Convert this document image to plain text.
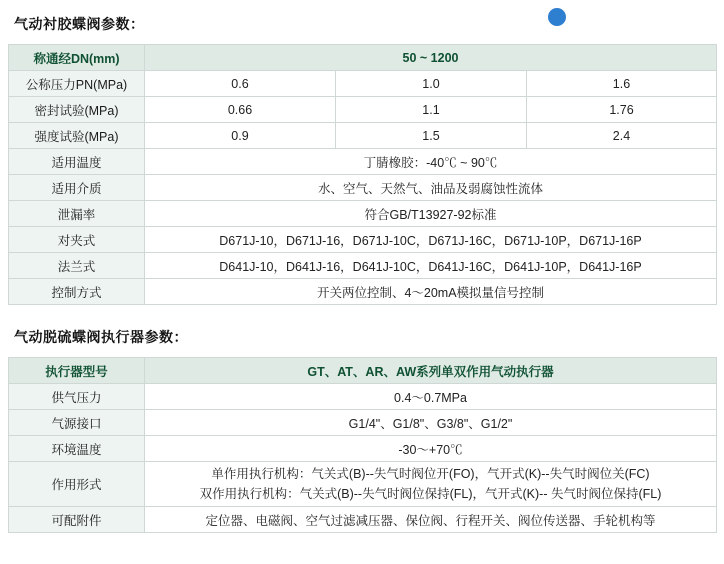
气动衬胶蝶阀参数：
称通经DN(mm)	50 ~ 1200		
公称压力PN(MPa)	0.6	1.0	1.6
密封试验(MPa)	0.66	1.1	1.76
强度试验(MPa)	0.9	1.5	2.4
适用温度	丁腈橡胶：-40℃ ~ 90℃		
适用介质	水、空气、天然气、油品及弱腐蚀性流体		
泄漏率	符合GB/T13927-92标准		
对夹式	D671J-10，D671J-16，D671J-10C，D671J-16C，D671J-10P，D671J-16P		
法兰式	D641J-10，D641J-16，D641J-10C，D641J-16C，D641J-10P，D641J-16P		
控制方式	开关两位控制、4～20mA模拟量信号控制		
气动脱硫蝶阀执行器参数：
执行器型号	GT、AT、AR、AW系列单双作用气动执行器
供气压力	0.4～0.7MPa
气源接口	G1/4"、G1/8"、G3/8"、G1/2"
环境温度	-30～+70℃
作用形式	单作用执行机构：气关式(B)--失气时阀位开(FO)，气开式(K)--失气时阀位关(FC)
双作用执行机构：气关式(B)--失气时阀位保持(FL)，气开式(K)-- 失气时阀位保持(FL)

可配附件	定位器、电磁阀、空气过滤减压器、保位阀、行程开关、阀位传送器、手轮机构等
